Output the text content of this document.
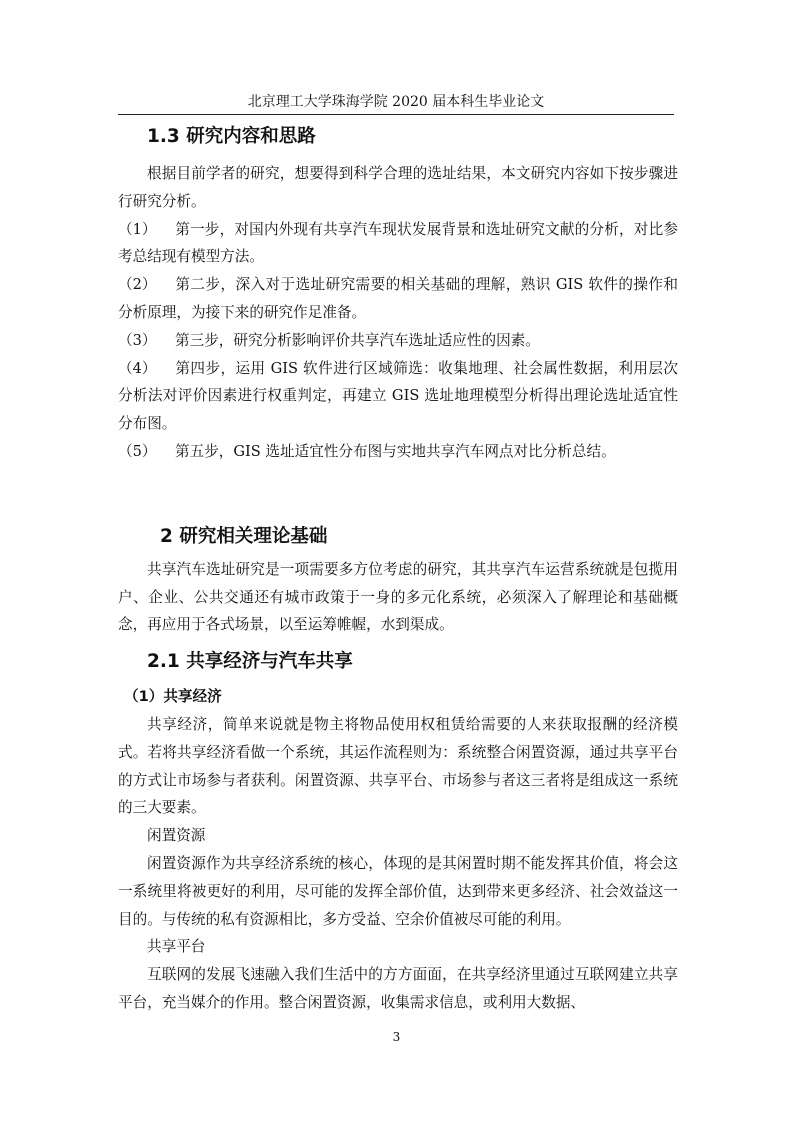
北京理工大学珠海学院 2020 届本科生毕业论文
1.3 研究内容和思路

根据目前学者的研究，想要得到科学合理的选址结果，本文研究内容如下按步骤进行研究分析。

（1） 第一步，对国内外现有共享汽车现状发展背景和选址研究文献的分析，对比参考总结现有模型方法。

（2） 第二步，深入对于选址研究需要的相关基础的理解，熟识 GIS 软件的操作和分析原理，为接下来的研究作足准备。

（3） 第三步，研究分析影响评价共享汽车选址适应性的因素。

（4） 第四步，运用 GIS 软件进行区域筛选：收集地理、社会属性数据，利用层次分析法对评价因素进行权重判定，再建立 GIS 选址地理模型分析得出理论选址适宜性分布图。

（5） 第五步，GIS 选址适宜性分布图与实地共享汽车网点对比分析总结。

2 研究相关理论基础

共享汽车选址研究是一项需要多方位考虑的研究，其共享汽车运营系统就是包揽用户、企业、公共交通还有城市政策于一身的多元化系统，必须深入了解理论和基础概念，再应用于各式场景，以至运筹帷幄，水到渠成。

2.1 共享经济与汽车共享

（1）共享经济

共享经济，简单来说就是物主将物品使用权租赁给需要的人来获取报酬的经济模式。若将共享经济看做一个系统，其运作流程则为：系统整合闲置资源，通过共享平台的方式让市场参与者获利。闲置资源、共享平台、市场参与者这三者将是组成这一系统的三大要素。

闲置资源

闲置资源作为共享经济系统的核心，体现的是其闲置时期不能发挥其价值，将会这一系统里将被更好的利用，尽可能的发挥全部价值，达到带来更多经济、社会效益这一目的。与传统的私有资源相比，多方受益、空余价值被尽可能的利用。

共享平台

互联网的发展飞速融入我们生活中的方方面面，在共享经济里通过互联网建立共享平台，充当媒介的作用。整合闲置资源，收集需求信息，或利用大数据、

3
